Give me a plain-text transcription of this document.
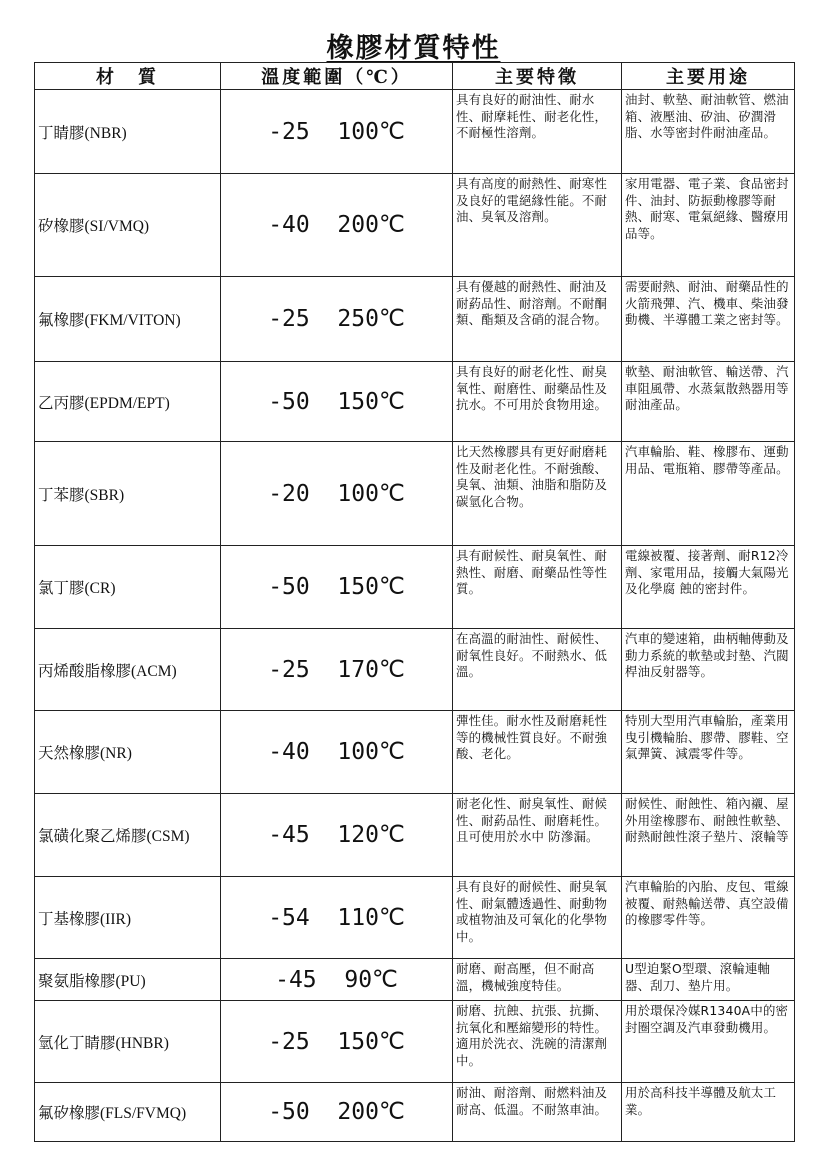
橡膠材質特性
材　質	溫度範圍（℃）	主要特徵	主要用途
丁睛膠(NBR)	-25  100℃	具有良好的耐油性、耐水性、耐摩耗性、耐老化性，不耐極性溶劑。	油封、軟墊、耐油軟管、燃油箱、液壓油、矽油、矽潤滑脂、水等密封件耐油產品。
矽橡膠(SI/VMQ)	-40  200℃	具有高度的耐熱性、耐寒性及良好的電絕緣性能。不耐油、臭氧及溶劑。	家用電器、電子業、食品密封件、油封、防振動橡膠等耐熱、耐寒、電氣絕緣、醫療用品等。
氟橡膠(FKM/VITON)	-25  250℃	具有優越的耐熱性、耐油及耐葯品性、耐溶劑。不耐酮類、酯類及含硝的混合物。	需要耐熱、耐油、耐藥品性的火箭飛彈、汽、機車、柴油發動機、半導體工業之密封等。
乙丙膠(EPDM/EPT)	-50  150℃	具有良好的耐老化性、耐臭氧性、耐磨性、耐藥品性及抗水。不可用於食物用途。	軟墊、耐油軟管、輸送帶、汽車阻風帶、水蒸氣散熱器用等耐油產品。
丁苯膠(SBR)	-20  100℃	比天然橡膠具有更好耐磨耗性及耐老化性。不耐強酸、臭氧、油類、油脂和脂防及碳氫化合物。	汽車輪胎、鞋、橡膠布、運動用品、電瓶箱、膠帶等產品。
氯丁膠(CR)	-50  150℃	具有耐候性、耐臭氧性、耐熱性、耐磨、耐藥品性等性質。	電線被覆、接著劑、耐R12冷劑、家電用品，接觸大氣陽光及化學腐 蝕的密封件。
丙烯酸脂橡膠(ACM)	-25  170℃	在高溫的耐油性、耐候性、耐氧性良好。不耐熱水、低溫。	汽車的變速箱，曲柄軸傳動及動力系統的軟墊或封墊、汽閥桿油反射器等。
天然橡膠(NR)	-40  100℃	彈性佳。耐水性及耐磨耗性等的機械性質良好。不耐強 酸、老化。	特別大型用汽車輪胎，產業用曳引機輪胎、膠帶、膠鞋、空氣彈簧、減震零件等。
氯磺化聚乙烯膠(CSM)	-45  120℃	耐老化性、耐臭氧性、耐候性、耐葯品性、耐磨耗性。且可使用於水中 防滲漏。	耐候性、耐蝕性、箱內襯、屋外用塗橡膠布、耐蝕性軟墊、耐熱耐蝕性滾子墊片、滾輪等
丁基橡膠(IIR)	-54  110℃	具有良好的耐候性、耐臭氧性、耐氣體透過性、耐動物或植物油及可氧化的化學物中。	汽車輪胎的內胎、皮包、電線被覆、耐熱輸送帶、真空設備的橡膠零件等。
聚氨脂橡膠(PU)	-45  90℃	耐磨、耐高壓，但不耐高溫，機械強度特佳。	U型迫緊O型環、滾輪連軸器、刮刀、墊片用。
氫化丁睛膠(HNBR)	-25  150℃	耐磨、抗蝕、抗張、抗撕、抗氧化和壓縮變形的特性。適用於洗衣、洗碗的清潔劑中。	用於環保冷媒R1340A中的密封圈空調及汽車發動機用。
氟矽橡膠(FLS/FVMQ)	-50  200℃	耐油、耐溶劑、耐燃料油及耐高、低溫。不耐煞車油。	用於高科技半導體及航太工業。
